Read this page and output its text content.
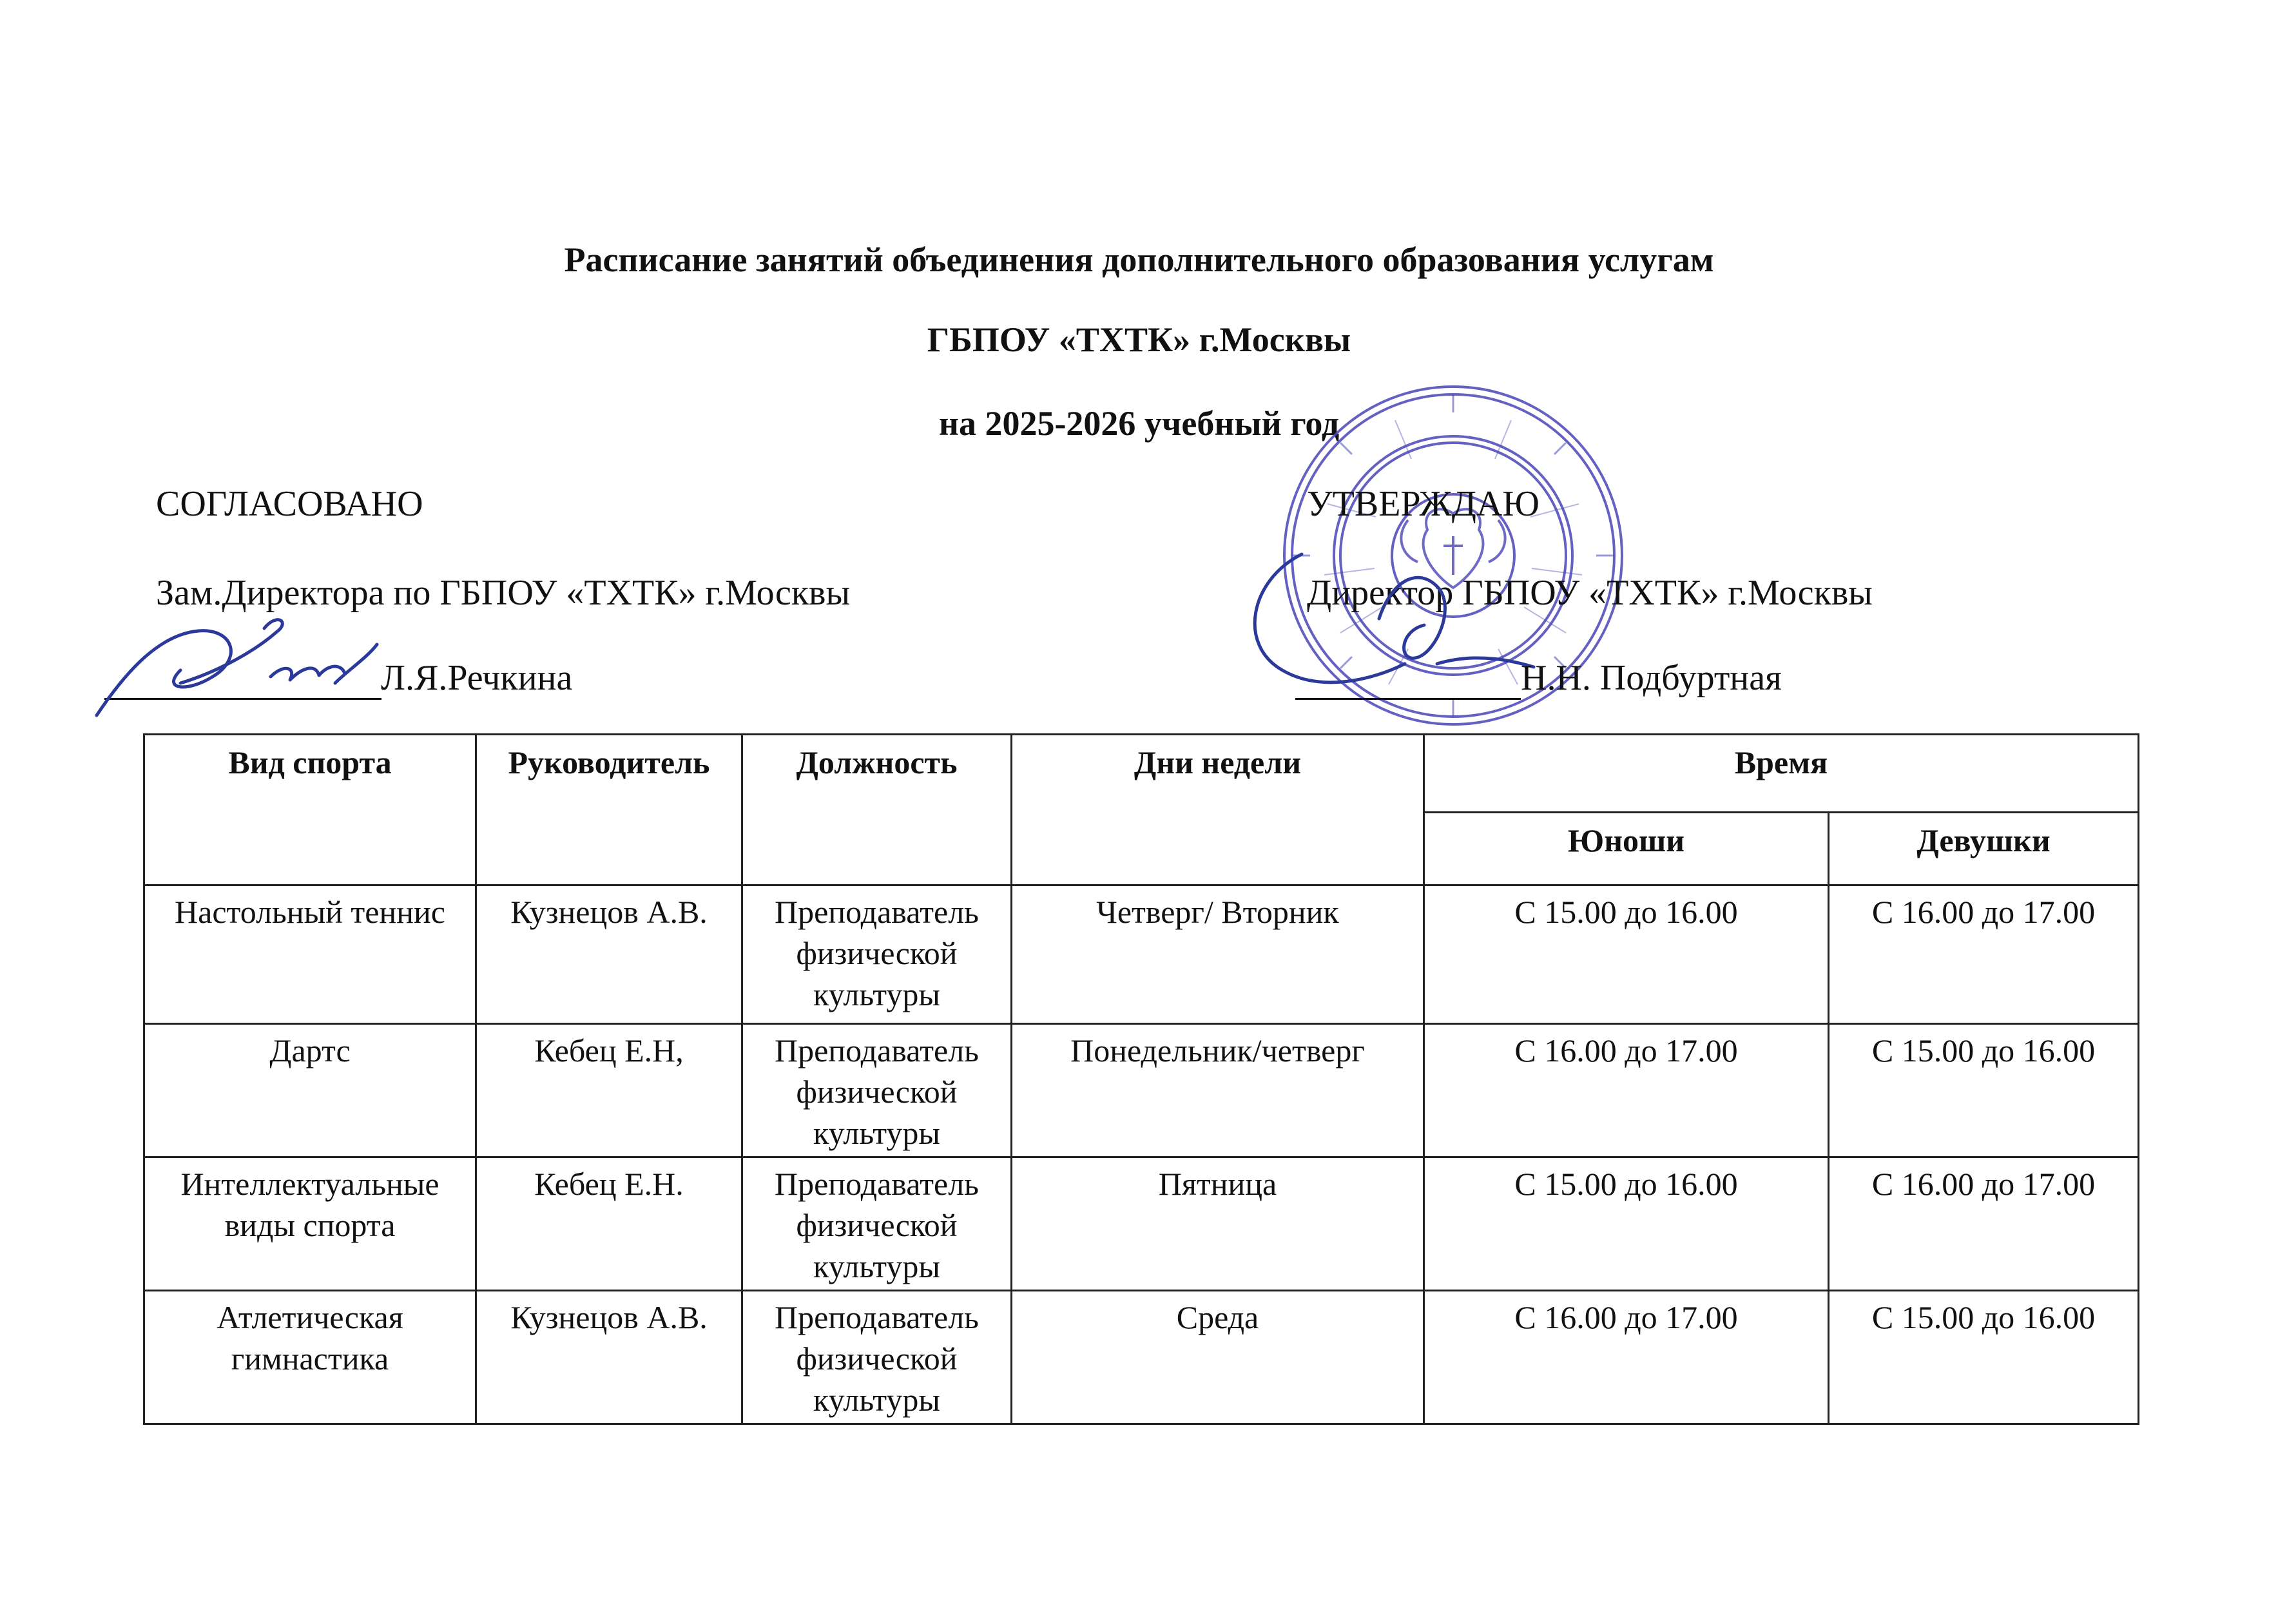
Расписание занятий объединения дополнительного образования услугам
ГБПОУ «ТХТК» г.Москвы
на 2025-2026 учебный год
СОГЛАСОВАНО
Зам.Директора по ГБПОУ «ТХТК» г.Москвы
Л.Я.Речкина
УТВЕРЖДАЮ
Директор ГБПОУ «ТХТК» г.Москвы
Н.Н. Подбуртная
Вид спорта	Руководитель	Должность	Дни недели	Время	
				Юноши	Девушки
Настольный теннис	Кузнецов А.В.	Преподаватель физической культуры	Четверг/ Вторник	С 15.00 до 16.00	С 16.00 до 17.00
Дартс	Кебец Е.Н,	Преподаватель физической культуры	Понедельник/четверг	С 16.00 до 17.00	С 15.00 до 16.00
Интеллектуальные виды спорта	Кебец Е.Н.	Преподаватель физической культуры	Пятница	С 15.00 до 16.00	С 16.00 до 17.00
Атлетическая гимнастика	Кузнецов А.В.	Преподаватель физической культуры	Среда	С 16.00 до 17.00	С 15.00 до 16.00
